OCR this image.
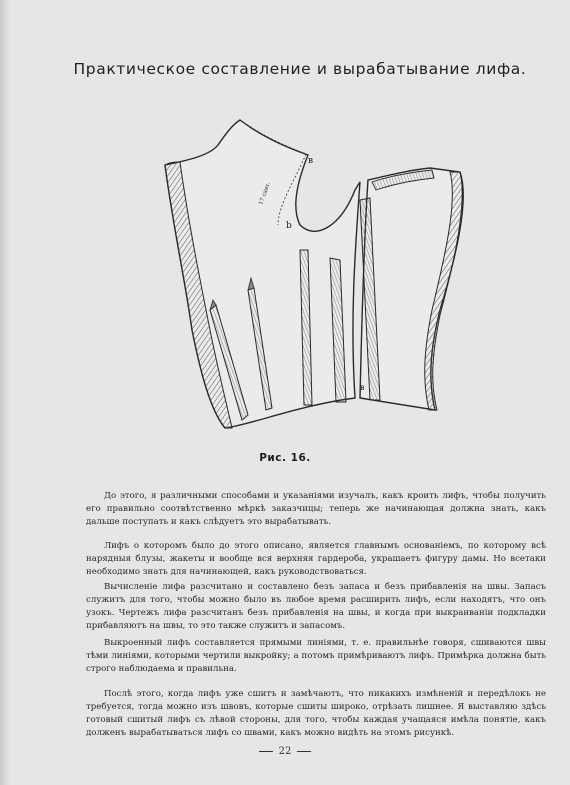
Практическое составление и вырабатывание лифа.
в
b
17 сант.
в
Рис. 16.
До этого, я различными способами и указаніями изучалъ, какъ кроить лифъ, чтобы получить его правильно соотвѣтственно мѣркѣ заказчицы; теперь же начинающая должна знать, какъ дальше поступать и какъ слѣдуетъ это вырабатывать.
Лифъ о которомъ было до этого описано, является главнымъ основаніемъ, по которому всѣ нарядныя блузы, жакеты и вообще вся верхняя гардероба, украшаетъ фигуру дамы. Но всетаки необходимо знать для начинающей, какъ руководствоваться.
Вычисленіе лифа разсчитано и составлено безъ запаса и безъ прибавленія на швы. Запасъ служитъ для того, чтобы можно было въ любое время расширить лифъ, если находятъ, что онъ узокъ. Чертежъ лифа разсчитанъ безъ прибавленія на швы, и когда при выкраиваніи подкладки прибавляютъ на швы, то это также служитъ и запасомъ.
Выкроенный лифъ составляется прямыми линіями, т. е. правильнѣе говоря, сшиваются швы тѣми линіями, которыми чертили выкройку; а потомъ примѣриваютъ лифъ. Примѣрка должна быть строго наблюдаема и правильна.
Послѣ этого, когда лифъ уже сшитъ и замѣчаютъ, что никакихъ измѣненій и передѣлокъ не требуется, тогда можно изъ швовъ, которые сшиты широко, отрѣзать лишнее. Я выставляю здѣсь готовый сшитый лифъ съ лѣвой стороны, для того, чтобы каждая учащаяся имѣла понятіе, какъ долженъ вырабатываться лифъ со швами, какъ можно видѣть на этомъ рисункѣ.
22
